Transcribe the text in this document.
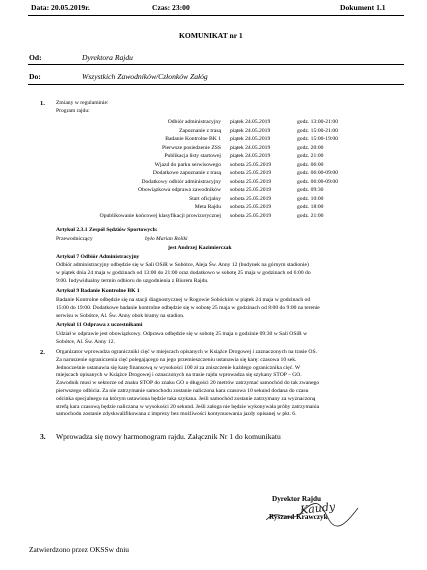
Data: 20.05.2019r.	Czas: 23:00	Dokument 1.1
KOMUNIKAT nr 1
Od:	Dyrektora Rajdu
Do:	Wszystkich Zawodników/Członków Załóg
1. Zmiany w regulaminie:
Program rajdu:
Odbiór administracyjny piątek 24.05.2019	godz. 13:00-21:00
Zapoznanie z trasą piątek 24.05.2019	godz. 15:00-21:00
Badanie Kontrolne BK 1 piątek 24.05.2019	godz. 15:00-19:00
Pierwsze posiedzenie ZSS piątek 24.05.2019	godz. 20:00
Publikacja listy startowej piątek 24.05.2019	godz. 21:00
Wjazd do parku serwisowego sobota 25.05.2019	godz. 06:00
Dodatkowe zapoznanie z trasą sobota 25.05.2019	godz. 06:00-09:00
Dodatkowy odbiór administracyjny sobota 25.05.2019	godz. 06:00-09:00
Obowiązkowa odprawa zawodników sobota 25.05.2019	godz. 09:30
Start oficjalny sobota 25.05.2019	godz. 10:00
Meta Rajdu sobota 25.05.2019	godz. 18:00
Opublikowanie końcowej klasyfikacji prowizorycznej sobota 25.05.2019	godz. 21:00
Artykuł 2.3.1 Zespół Sędziów Sportowych:
Przewodniczący	było Marian Roliki
jest Andrzej Kazimierczak
Artykuł 7 Odbiór Administracyjny

Odbiór administracyjny odbędzie się w Sali OSiR w Sobótce, Aleja Św. Anny 12 (budynek na górnym stadionie)

w piątek dnia 24 maja w godzinach od 13:00 do 21:00 oraz dodatkowo w sobotę 25 maja w godzinach od 6:00 do

9:00. Indywidualny termin odbioru do uzgodnienia z Biurem Rajdu.

Artykuł 9 Badanie Kontrolne BK 1

Badanie Kontrolne odbędzie się na stacji diagnostycznej w Rogowie Sobóckim w piątek 24 maja w godzinach od

15:00 do 19:00. Dodatkowe badanie kontrolne odbędzie się w sobotę 25 maja w godzinach od 8:00 do 9:00 na terenie

serwisu w Sobótce, Al. Św. Anny obok bramy na stadion.

Artykuł 11 Odprawa z uczestnikami

Udział w odprawie jest obowiązkowy. Odprawa odbędzie się w sobotę 25 maja o godzinie 09:30 w Sali OSiR w

Sobótce, Al. Św. Anny 12.

2. Organizator wprowadza ograniczniki cięć w miejscach opisanych w Książce Drogowej i zaznaczonych na trasie OS.

Za naruszenie ograniczenia cięć polegającego na jego przemieszczeniu ustanawia się karę: czasowa 10 sek.

Jednocześnie ustanawia się karę finansową w wysokości 100 zł za zniszczenie każdego ogranicznika cięć. W

miejscach opisanych w Książce Drogowej i oznaczonych na trasie rajdu wprowadza się szykany STOP – GO.

Zawodnik musi w sektorze od znaku STOP do znaku GO o długości 20 metrów zatrzymać samochód do tak zwanego

pierwszego odbicia. Za nie zatrzymanie samochodu zostanie naliczona kara czasowa 10 sekund dodana do czasu

odcinka specjalnego na którym ustawiona będzie taka szykana. Jeśli samochód zostanie zatrzymany za wyznaczoną

strefą kara czasową będzie naliczana w wysokości 20 sekund. Jeśli załoga nie będzie wykonywała próby zatrzymania

samochodu zostanie zdyskwalifikowana z imprezy bez możliwości kontynuowania jazdy opisanej w pkt. 6.

3. Wprowadza się nowy harmonogram rajdu. Załącznik Nr 1 do komunikatu
Dyrektor Rajdu
Kaudy
Ryszard Krawczyk
Zatwierdzono przez OKSSw dniu
